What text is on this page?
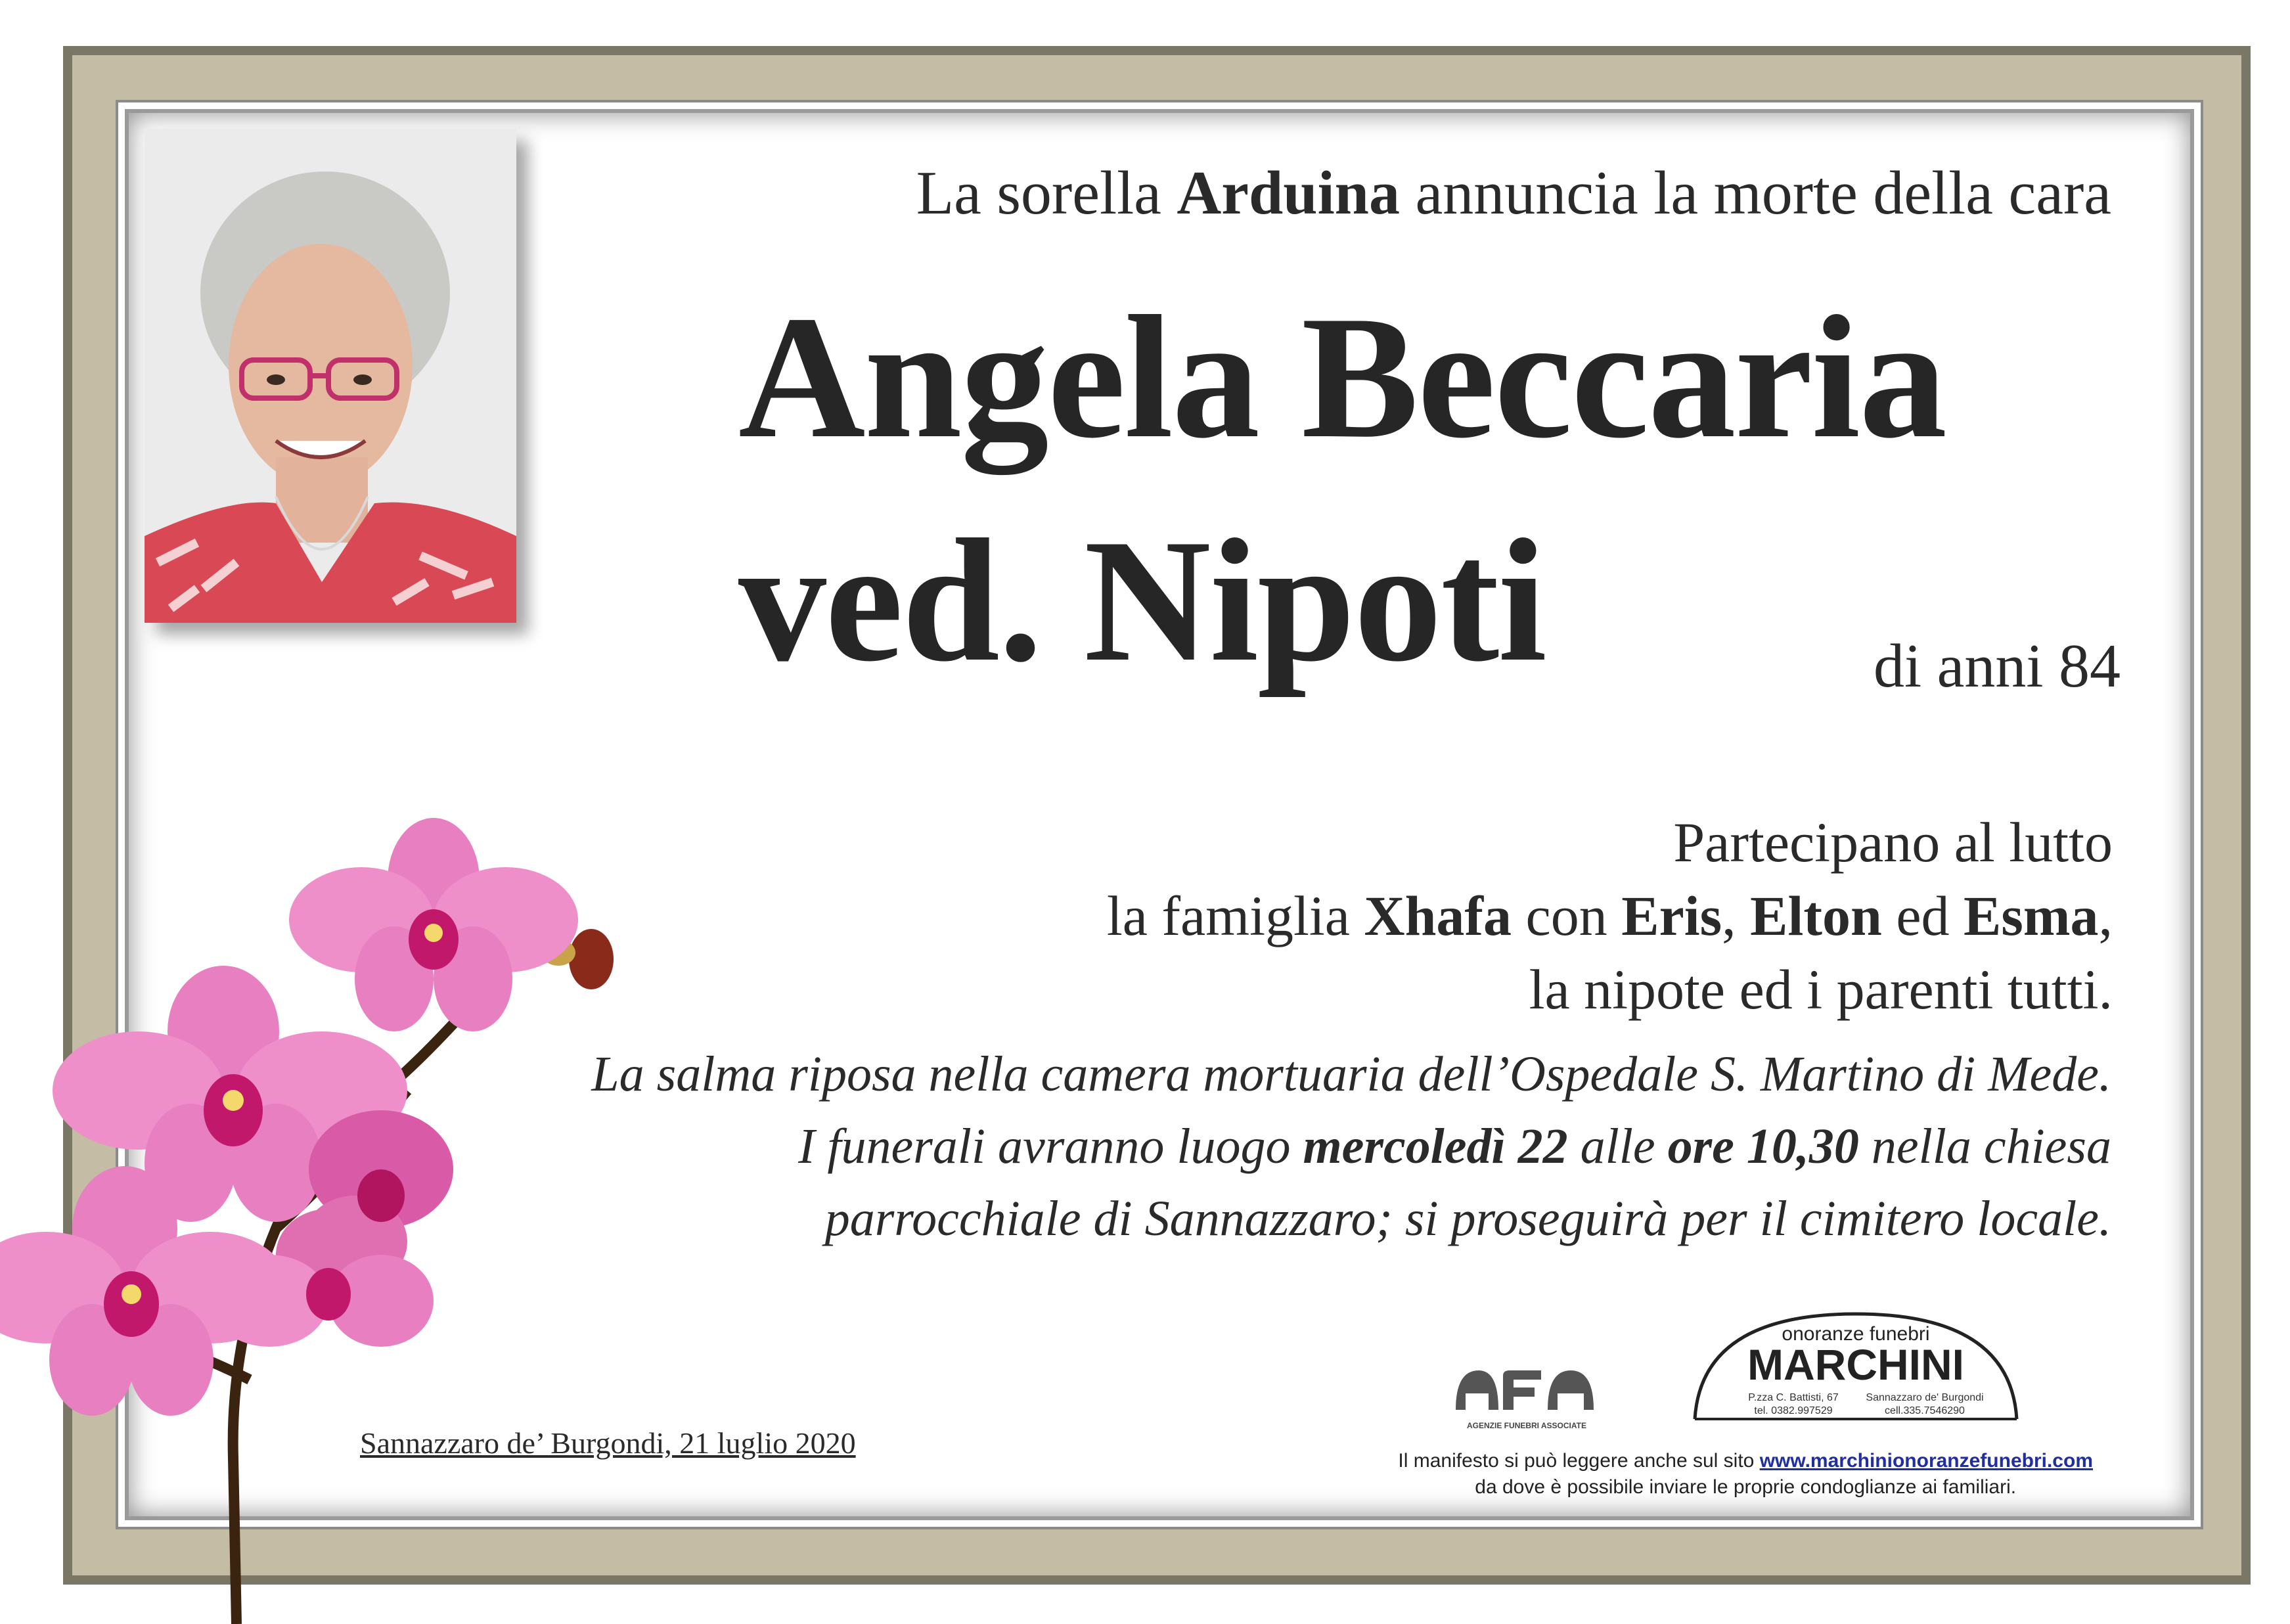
La sorella Arduina annuncia la morte della cara
Angela Beccaria
ved. Nipoti	di anni 84
Partecipano al lutto
la famiglia Xhafa con Eris, Elton ed Esma,
la nipote ed i parenti tutti.
La salma riposa nella camera mortuaria dell’Ospedale S. Martino di Mede.
I funerali avranno luogo mercoledì 22 alle ore 10,30 nella chiesa
parrocchiale di Sannazzaro; si proseguirà per il cimitero locale.
Sannazzaro de’ Burgondi, 21 luglio 2020
AGENZIE FUNEBRI ASSOCIATE
onoranze funebri
MARCHINI
P.zza C. Battisti, 67	Sannazzaro de' Burgondi
tel. 0382.997529	cell.335.7546290
Il manifesto si può leggere anche sul sito www.marchinionoranzefunebri.com
da dove è possibile inviare le proprie condoglianze ai familiari.
